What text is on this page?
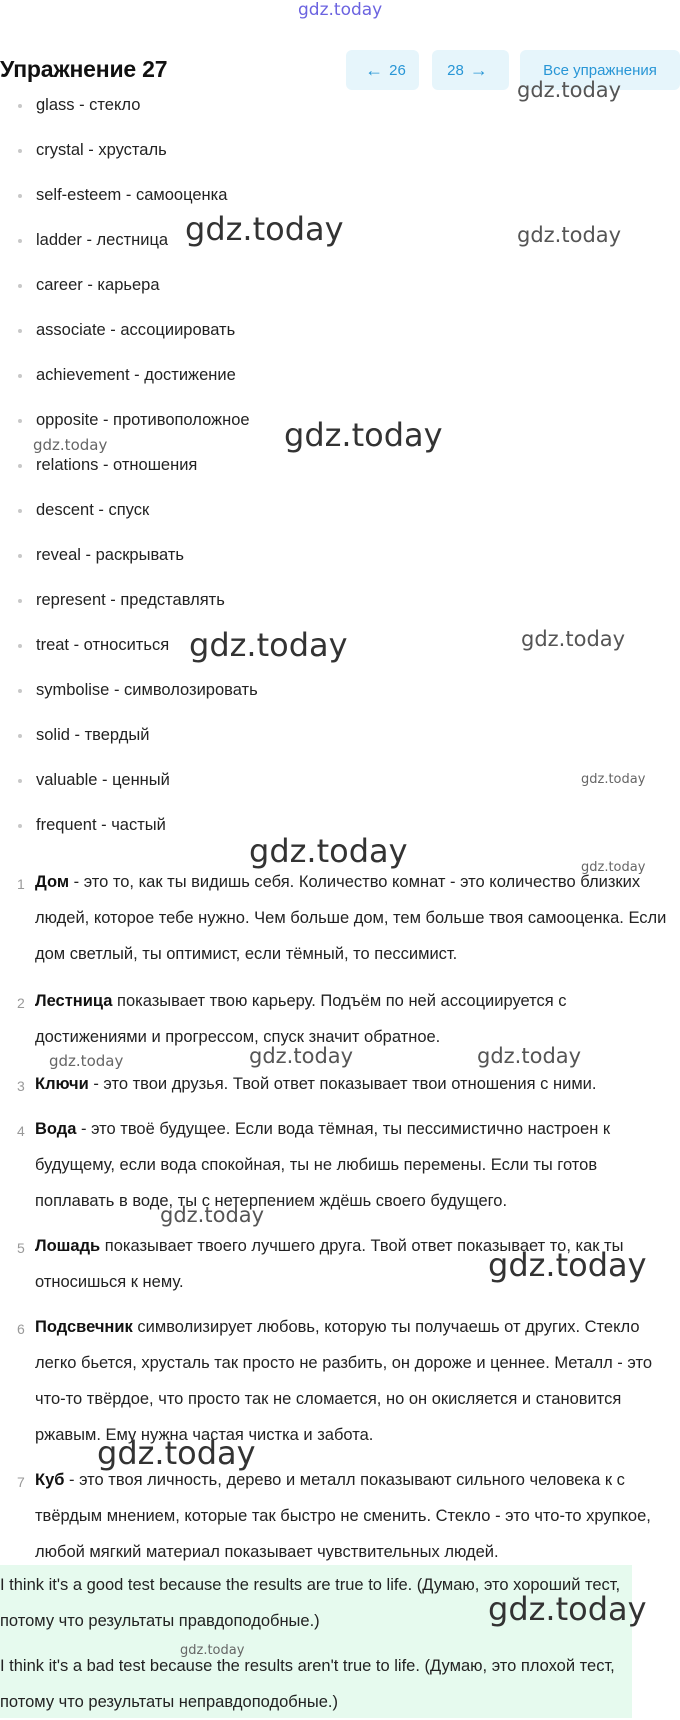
gdz.today
Упражнение 27	← 26	28 →	Все упражнения
glass - стекло
crystal - хрусталь
self-esteem - самооценка
ladder - лестница
career - карьера
associate - ассоциировать
achievement - достижение
opposite - противоположное
relations - отношения
descent - спуск
reveal - раскрывать
represent - представлять
treat - относиться
symbolise - символозировать
solid - твердый
valuable - ценный
frequent - частый
1 Дом - это то, как ты видишь себя. Количество комнат - это количество близких людей, которое тебе нужно. Чем больше дом, тем больше твоя самооценка. Если дом светлый, ты оптимист, если тёмный, то пессимист.
2 Лестница показывает твою карьеру. Подъём по ней ассоциируется с достижениями и прогрессом, спуск значит обратное.
3 Ключи - это твои друзья. Твой ответ показывает твои отношения с ними.
4 Вода - это твоё будущее. Если вода тёмная, ты пессимистично настроен к будущему, если вода спокойная, ты не любишь перемены. Если ты готов поплавать в воде, ты с нетерпением ждёшь своего будущего.
5 Лошадь показывает твоего лучшего друга. Твой ответ показывает то, как ты относишься к нему.
6 Подсвечник символизирует любовь, которую ты получаешь от других. Стекло легко бьется, хрусталь так просто не разбить, он дороже и ценнее. Металл - это что-то твёрдое, что просто так не сломается, но он окисляется и становится ржавым. Ему нужна частая чистка и забота.
7 Куб - это твоя личность, дерево и металл показывают сильного человека к с твёрдым мнением, которые так быстро не сменить. Стекло - это что-то хрупкое, любой мягкий материал показывает чувствительных людей.
I think it's a good test because the results are true to life. (Думаю, это хороший тест, потому что результаты правдоподобные.)
I think it's a bad test because the results aren't true to life. (Думаю, это плохой тест, потому что результаты неправдоподобные.)
gdz.today
gdz.today	gdz.today
gdz.today
gdz.today
gdz.today	gdz.today
gdz.today
gdz.today	gdz.today
gdz.today	gdz.today	gdz.today
gdz.today
gdz.today
gdz.today
gdz.today
gdz.today
